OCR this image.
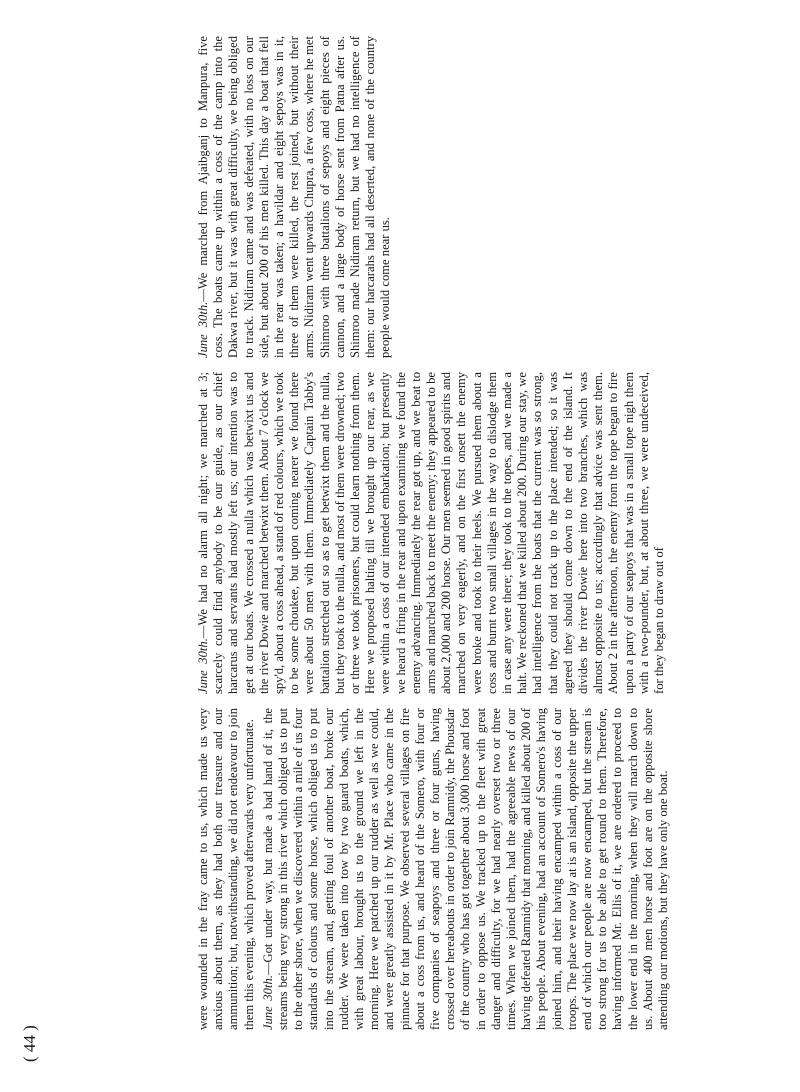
( 44 )

were wounded in the fray came to us, which made us very anxious about them, as they had both our treasure and our ammunition; but, notwithstanding, we did not endeavour to join them this evening, which proved afterwards very unfortunate. June 30th.—Got under way, but made a bad hand of it, the streams being very strong in this river which obliged us to put to the other shore, when we discovered within a mile of us four standards of colours and some horse, which obliged us to put into the stream, and, getting foul of another boat, broke our rudder. We were taken into tow by two guard boats, which, with great labour, brought us to the ground we left in the morning. Here we patched up our rudder as well as we could, and were greatly assisted in it by Mr. Place who came in the pinnace for that purpose. We observed several villages on fire about a coss from us, and heard of the Somero, with four or five companies of seapoys and three or four guns, having crossed over hereabouts in order to join Ramnidy, the Phousdar of the country who has got together about 3,000 horse and foot in order to oppose us. We tracked up to the fleet with great danger and difficulty, for we had nearly overset two or three times. When we joined them, had the agreeable news of our having defeated Ramnidy that morning, and killed about 200 of his people. About evening, had an account of Somero's having joined him, and their having encamped within a coss of our troops. The place we now lay at is an island, opposite the upper end of which our people are now encamped, but the stream is too strong for us to be able to get round to them. Therefore, having informed Mr. Ellis of it, we are ordered to proceed to the lower end in the morning, when they will march down to us. About 400 men horse and foot are on the opposite shore attending our motions, but they have only one boat.

June 30th.—We had no alarm all night; we marched at 3; scarcely could find anybody to be our guide, as our chief harcarus and servants had mostly left us; our intention was to get at our boats. We crossed a nulla which was betwixt us and the river Dowie and marched betwixt them. About 7 o'clock we spy'd, about a coss ahead, a stand of red colours, which we took to be some choukee, but upon coming nearer we found there were about 50 men with them. Immediately Captain Tabby's battalion stretched out so as to get betwixt them and the nulla, but they took to the nulla, and most of them were drowned; two or three we took prisoners, but could learn nothing from them. Here we proposed halting till we brought up our rear, as we were within a coss of our intended embarkation; but presently we heard a firing in the rear and upon examining we found the enemy advancing. Immediately the rear got up, and we beat to arms and marched back to meet the enemy; they appeared to be about 2,000 and 200 horse. Our men seemed in good spirits and marched on very eagerly, and on the first onsett the enemy were broke and took to their heels. We pursued them about a coss and burnt two small villages in the way to dislodge them in case any were there; they took to the topes, and we made a halt. We reckoned that we killed about 200. During our stay, we had intelligence from the boats that the current was so strong, that they could not track up to the place intended; so it was agreed they should come down to the end of the island. It divides the river Dowie here into two branches, which was almost opposite to us; accordingly that advice was sent them. About 2 in the afternoon, the enemy from the tope began to fire upon a party of our seapoys that was in a small tope nigh them with a two-pounder, but, at about three, we were undeceived, for they began to draw out of

June 30th.—We marched from Ajaibganj to Manpura, five coss. The boats came up within a coss of the camp into the Dakwa river, but it was with great difficulty, we being obliged to track. Nidiram came and was defeated, with no loss on our side, but about 200 of his men killed. This day a boat that fell in the rear was taken; a havildar and eight sepoys was in it, three of them were killed, the rest joined, but without their arms. Nidiram went upwards Chupra, a few coss, where he met Shimroo with three battalions of sepoys and eight pieces of cannon, and a large body of horse sent from Patna after us. Shimroo made Nidiram return, but we had no intelligence of them: our harcarahs had all deserted, and none of the country people would come near us.
